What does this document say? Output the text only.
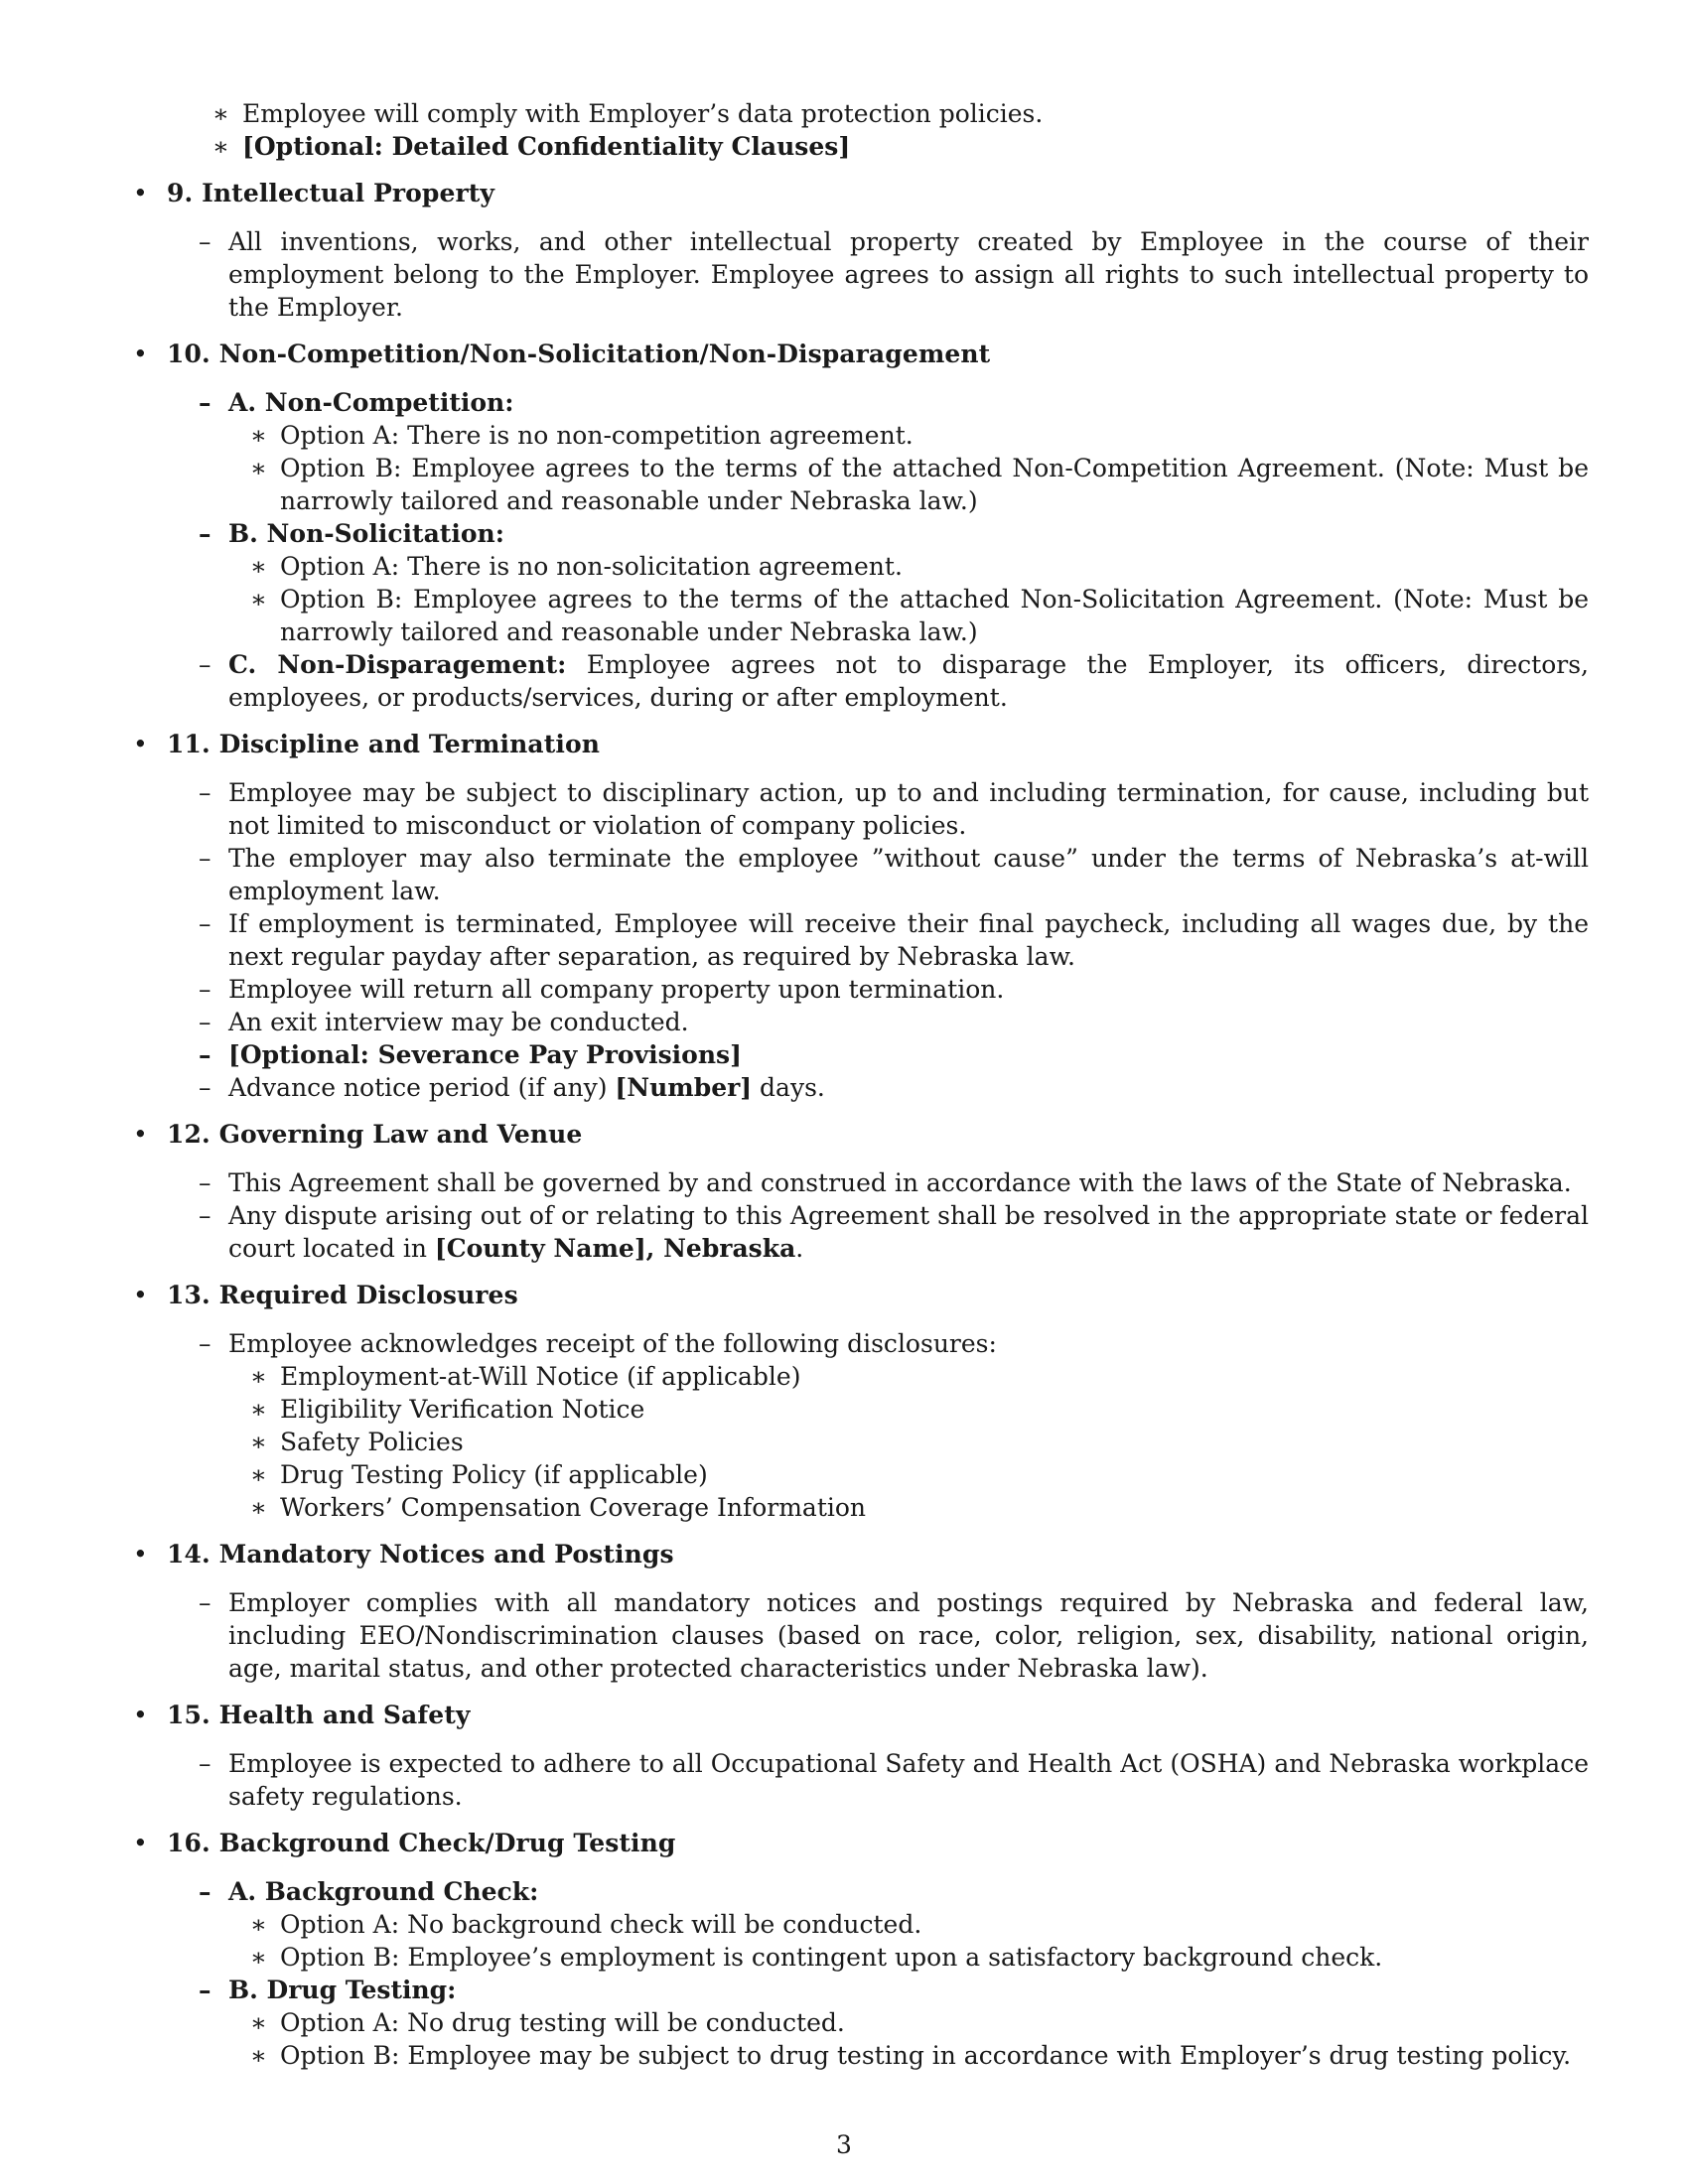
∗ Employee will comply with Employer’s data protection policies.
∗ [Optional: Detailed Confidentiality Clauses]
• 9. Intellectual Property
– All inventions, works, and other intellectual property created by Employee in the course of their employment belong to the Employer. Employee agrees to assign all rights to such intellectual property to the Employer.
• 10. Non-Competition/Non-Solicitation/Non-Disparagement
– A. Non-Competition:
∗ Option A: There is no non-competition agreement.
∗ Option B: Employee agrees to the terms of the attached Non-Competition Agreement. (Note: Must be narrowly tailored and reasonable under Nebraska law.)
– B. Non-Solicitation:
∗ Option A: There is no non-solicitation agreement.
∗ Option B: Employee agrees to the terms of the attached Non-Solicitation Agreement. (Note: Must be narrowly tailored and reasonable under Nebraska law.)
– C. Non-Disparagement: Employee agrees not to disparage the Employer, its officers, directors, employees, or products/services, during or after employment.
• 11. Discipline and Termination
– Employee may be subject to disciplinary action, up to and including termination, for cause, including but not limited to misconduct or violation of company policies.
– The employer may also terminate the employee ”without cause” under the terms of Nebraska’s at-will employment law.
– If employment is terminated, Employee will receive their final paycheck, including all wages due, by the next regular payday after separation, as required by Nebraska law.
– Employee will return all company property upon termination.
– An exit interview may be conducted.
– [Optional: Severance Pay Provisions]
– Advance notice period (if any) [Number] days.
• 12. Governing Law and Venue
– This Agreement shall be governed by and construed in accordance with the laws of the State of Nebraska.
– Any dispute arising out of or relating to this Agreement shall be resolved in the appropriate state or federal court located in [County Name], Nebraska.
• 13. Required Disclosures
– Employee acknowledges receipt of the following disclosures:
∗ Employment-at-Will Notice (if applicable)
∗ Eligibility Verification Notice
∗ Safety Policies
∗ Drug Testing Policy (if applicable)
∗ Workers’ Compensation Coverage Information
• 14. Mandatory Notices and Postings
– Employer complies with all mandatory notices and postings required by Nebraska and federal law, including EEO/Nondiscrimination clauses (based on race, color, religion, sex, disability, national origin, age, marital status, and other protected characteristics under Nebraska law).
• 15. Health and Safety
– Employee is expected to adhere to all Occupational Safety and Health Act (OSHA) and Nebraska workplace safety regulations.
• 16. Background Check/Drug Testing
– A. Background Check:
∗ Option A: No background check will be conducted.
∗ Option B: Employee’s employment is contingent upon a satisfactory background check.
– B. Drug Testing:
∗ Option A: No drug testing will be conducted.
∗ Option B: Employee may be subject to drug testing in accordance with Employer’s drug testing policy.
3
